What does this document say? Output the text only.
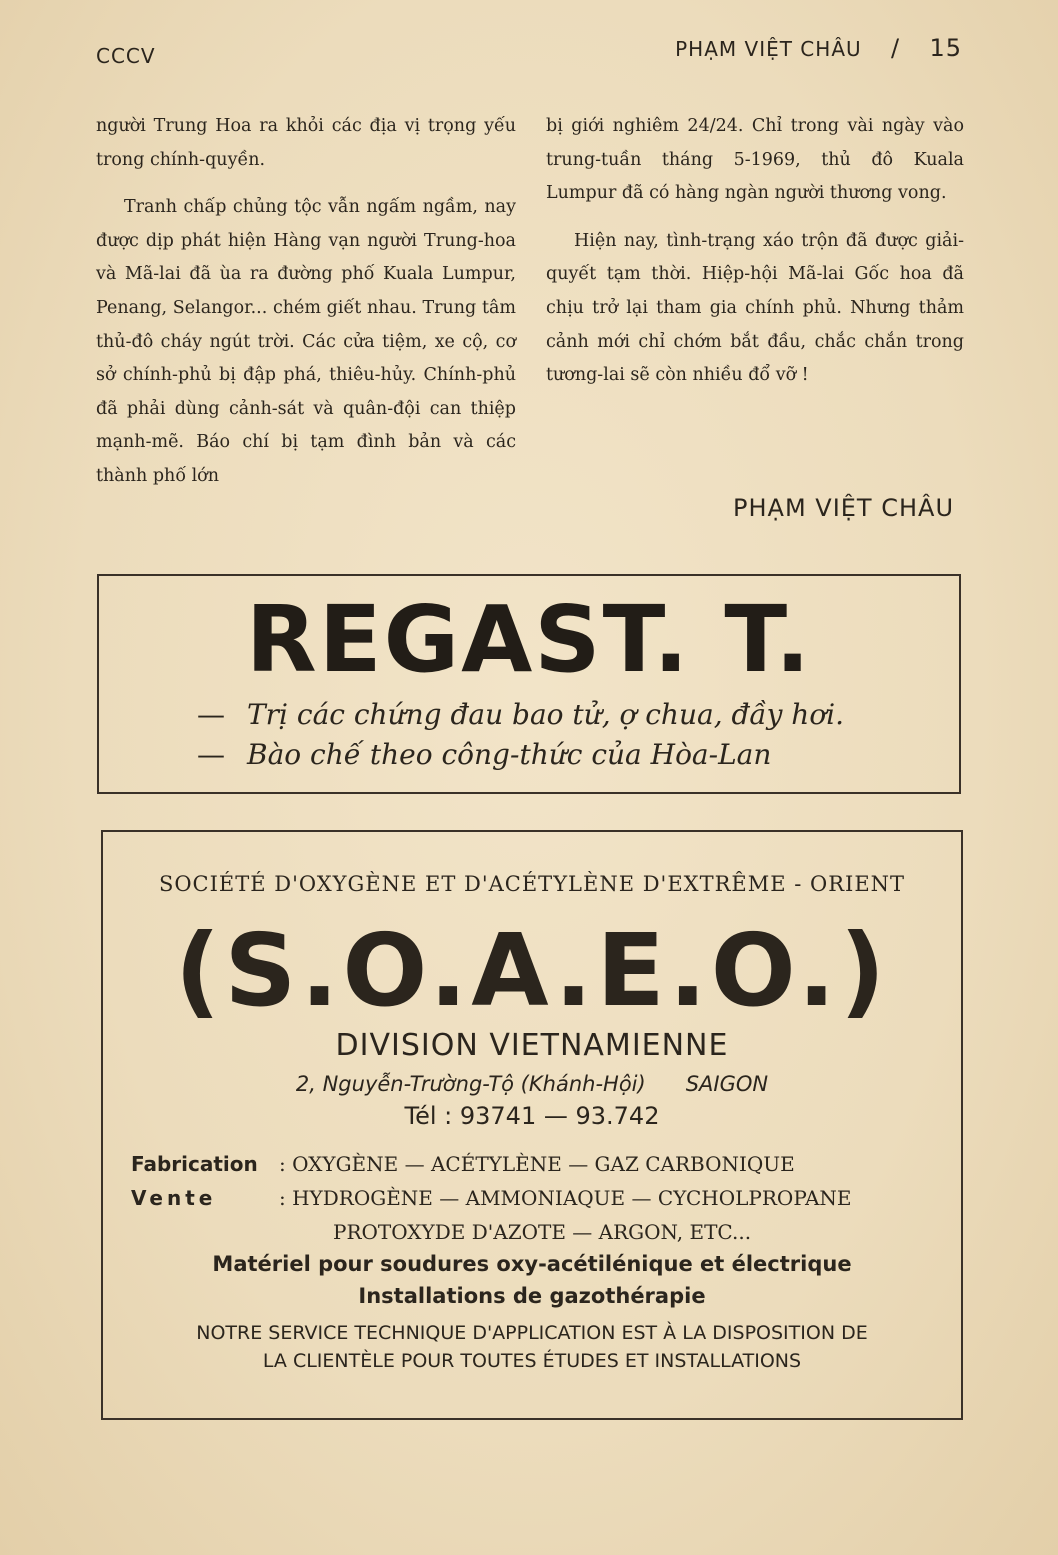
CCCV	PHẠM VIỆT CHÂU / 15

người Trung Hoa ra khỏi các địa vị trọng yếu trong chính-quyền.

Tranh chấp chủng tộc vẫn ngấm ngầm, nay được dịp phát hiện Hàng vạn người Trung-hoa và Mã-lai đã ùa ra đường phố Kuala Lumpur, Penang, Selangor... chém giết nhau. Trung tâm thủ-đô cháy ngút trời. Các cửa tiệm, xe cộ, cơ sở chính-phủ bị đập phá, thiêu-hủy. Chính-phủ đã phải dùng cảnh-sát và quân-đội can thiệp mạnh-mẽ. Báo chí bị tạm đình bản và các thành phố lớn

bị giới nghiêm 24/24. Chỉ trong vài ngày vào trung-tuần tháng 5-1969, thủ đô Kuala Lumpur đã có hàng ngàn người thương vong.

Hiện nay, tình-trạng xáo trộn đã được giải-quyết tạm thời. Hiệp-hội Mã-lai Gốc hoa đã chịu trở lại tham gia chính phủ. Nhưng thảm cảnh mới chỉ chớm bắt đầu, chắc chắn trong tương-lai sẽ còn nhiều đổ vỡ !

PHẠM VIỆT CHÂU
REGAST. T.
— Trị các chứng đau bao tử, ợ chua, đầy hơi.
— Bào chế theo công-thức của Hòa-Lan
SOCIÉTÉ D'OXYGÈNE ET D'ACÉTYLÈNE D'EXTRÊME - ORIENT
(S.O.A.E.O.)
DIVISION VIETNAMIENNE
2, Nguyễn-Trường-Tộ (Khánh-Hội) SAIGON
Tél : 93741 — 93.742
Fabrication : OXYGÈNE — ACÉTYLÈNE — GAZ CARBONIQUE
Vente	: HYDROGÈNE — AMMONIAQUE — CYCHOLPROPANE
PROTOXYDE D'AZOTE — ARGON, ETC...
Matériel pour soudures oxy-acétilénique et électrique
Installations de gazothérapie
NOTRE SERVICE TECHNIQUE D'APPLICATION EST À LA DISPOSITION DE
LA CLIENTÈLE POUR TOUTES ÉTUDES ET INSTALLATIONS
